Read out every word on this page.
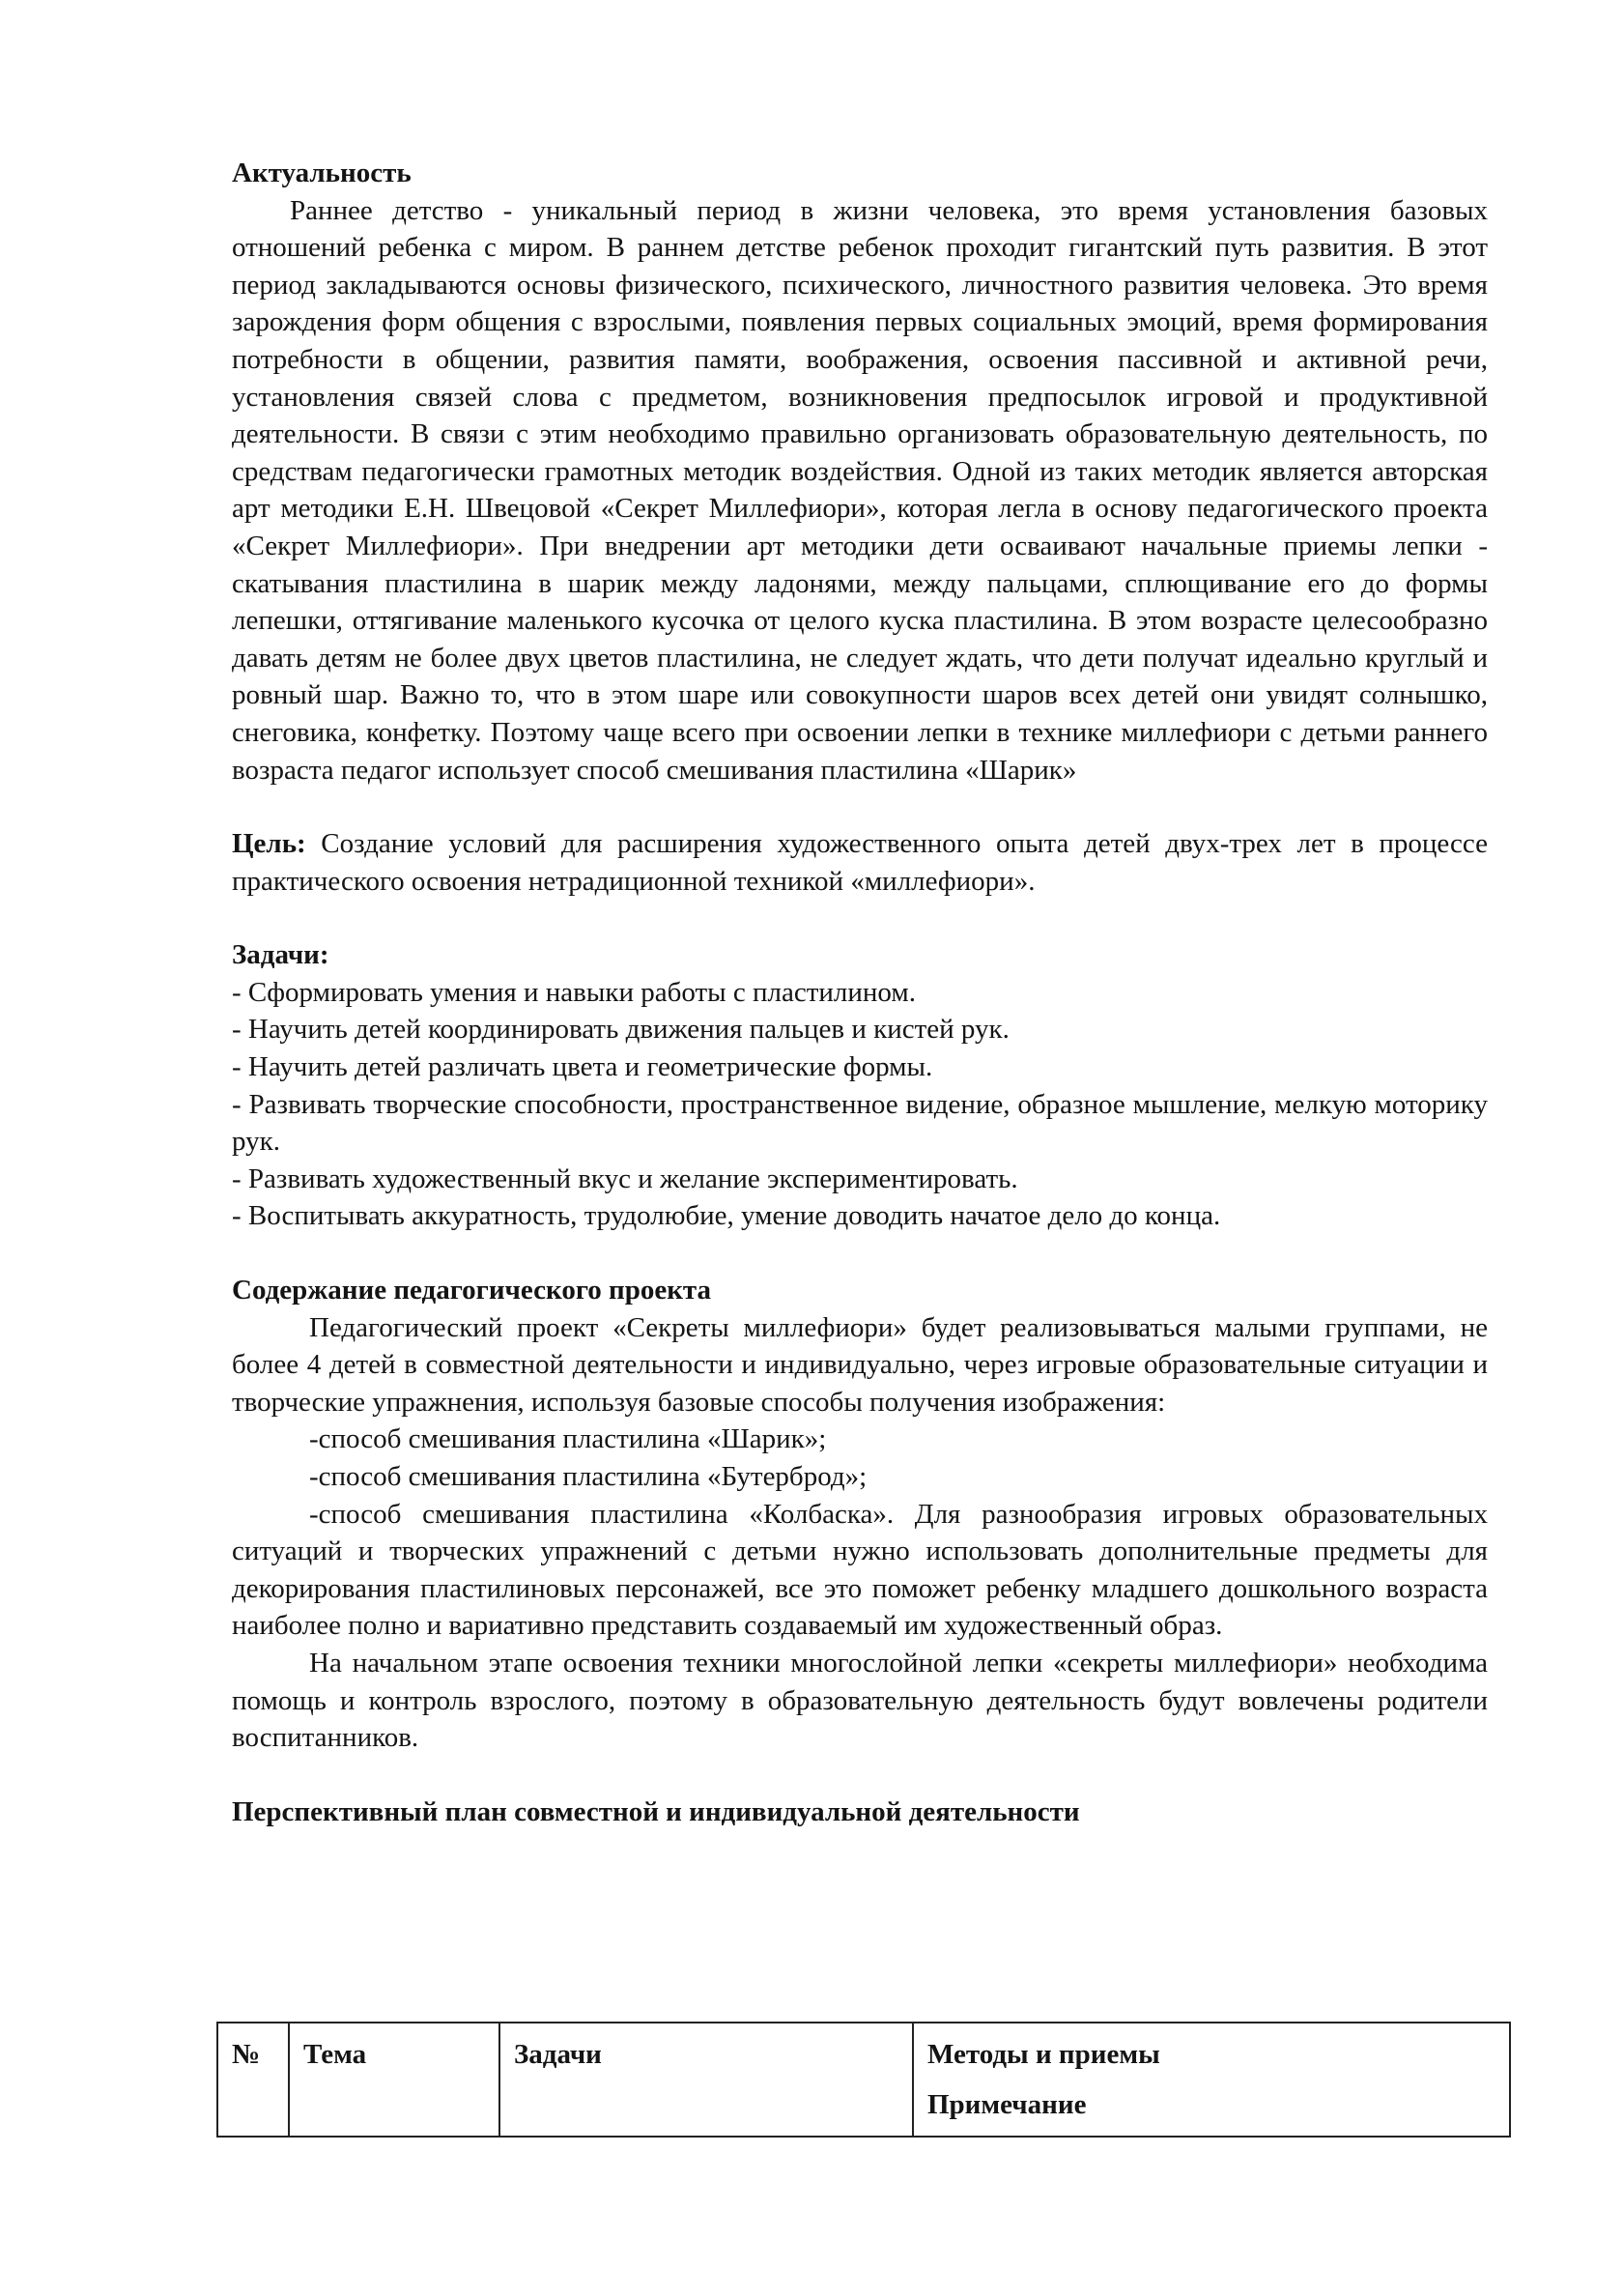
Актуальность

Раннее детство - уникальный период в жизни человека, это время установления базовых отношений ребенка с миром. В раннем детстве ребенок проходит гигантский путь развития. В этот период закладываются основы физического, психического, личностного развития человека. Это время зарождения форм общения с взрослыми, появления первых социальных эмоций, время формирования потребности в общении, развития памяти, воображения, освоения пассивной и активной речи, установления связей слова с предметом, возникновения предпосылок игровой и продуктивной деятельности. В связи с этим необходимо правильно организовать образовательную деятельность, по средствам педагогически грамотных методик воздействия. Одной из таких методик является авторская арт методики Е.Н. Швецовой «Секрет Миллефиори», которая легла в основу педагогического проекта «Секрет Миллефиори». При внедрении арт методики дети осваивают начальные приемы лепки - скатывания пластилина в шарик между ладонями, между пальцами, сплющивание его до формы лепешки, оттягивание маленького кусочка от целого куска пластилина. В этом возрасте целесообразно давать детям не более двух цветов пластилина, не следует ждать, что дети получат идеально круглый и ровный шар. Важно то, что в этом шаре или совокупности шаров всех детей они увидят солнышко, снеговика, конфетку. Поэтому чаще всего при освоении лепки в технике миллефиори с детьми раннего возраста педагог использует способ смешивания пластилина «Шарик»

Цель: Создание условий для расширения художественного опыта детей двух-трех лет в процессе практического освоения нетрадиционной техникой «миллефиори».

Задачи:

- Сформировать умения и навыки работы с пластилином.

- Научить детей координировать движения пальцев и кистей рук.

- Научить детей различать цвета и геометрические формы.

- Развивать творческие способности, пространственное видение, образное мышление, мелкую моторику рук.

- Развивать художественный вкус и желание экспериментировать.

- Воспитывать аккуратность, трудолюбие, умение доводить начатое дело до конца.

Содержание педагогического проекта

Педагогический проект «Секреты миллефиори» будет реализовываться малыми группами, не более 4 детей в совместной деятельности и индивидуально, через игровые образовательные ситуации и творческие упражнения, используя базовые способы получения изображения:

-способ смешивания пластилина «Шарик»;

-способ смешивания пластилина «Бутерброд»;

-способ смешивания пластилина «Колбаска». Для разнообразия игровых образовательных ситуаций и творческих упражнений с детьми нужно использовать дополнительные предметы для декорирования пластилиновых персонажей, все это поможет ребенку младшего дошкольного возраста наиболее полно и вариативно представить создаваемый им художественный образ.

На начальном этапе освоения техники многослойной лепки «секреты миллефиори» необходима помощь и контроль взрослого, поэтому в образовательную деятельность будут вовлечены родители воспитанников.

Перспективный план совместной и индивидуальной деятельности
№	Тема	Задачи	Методы и приемы
Примечание
